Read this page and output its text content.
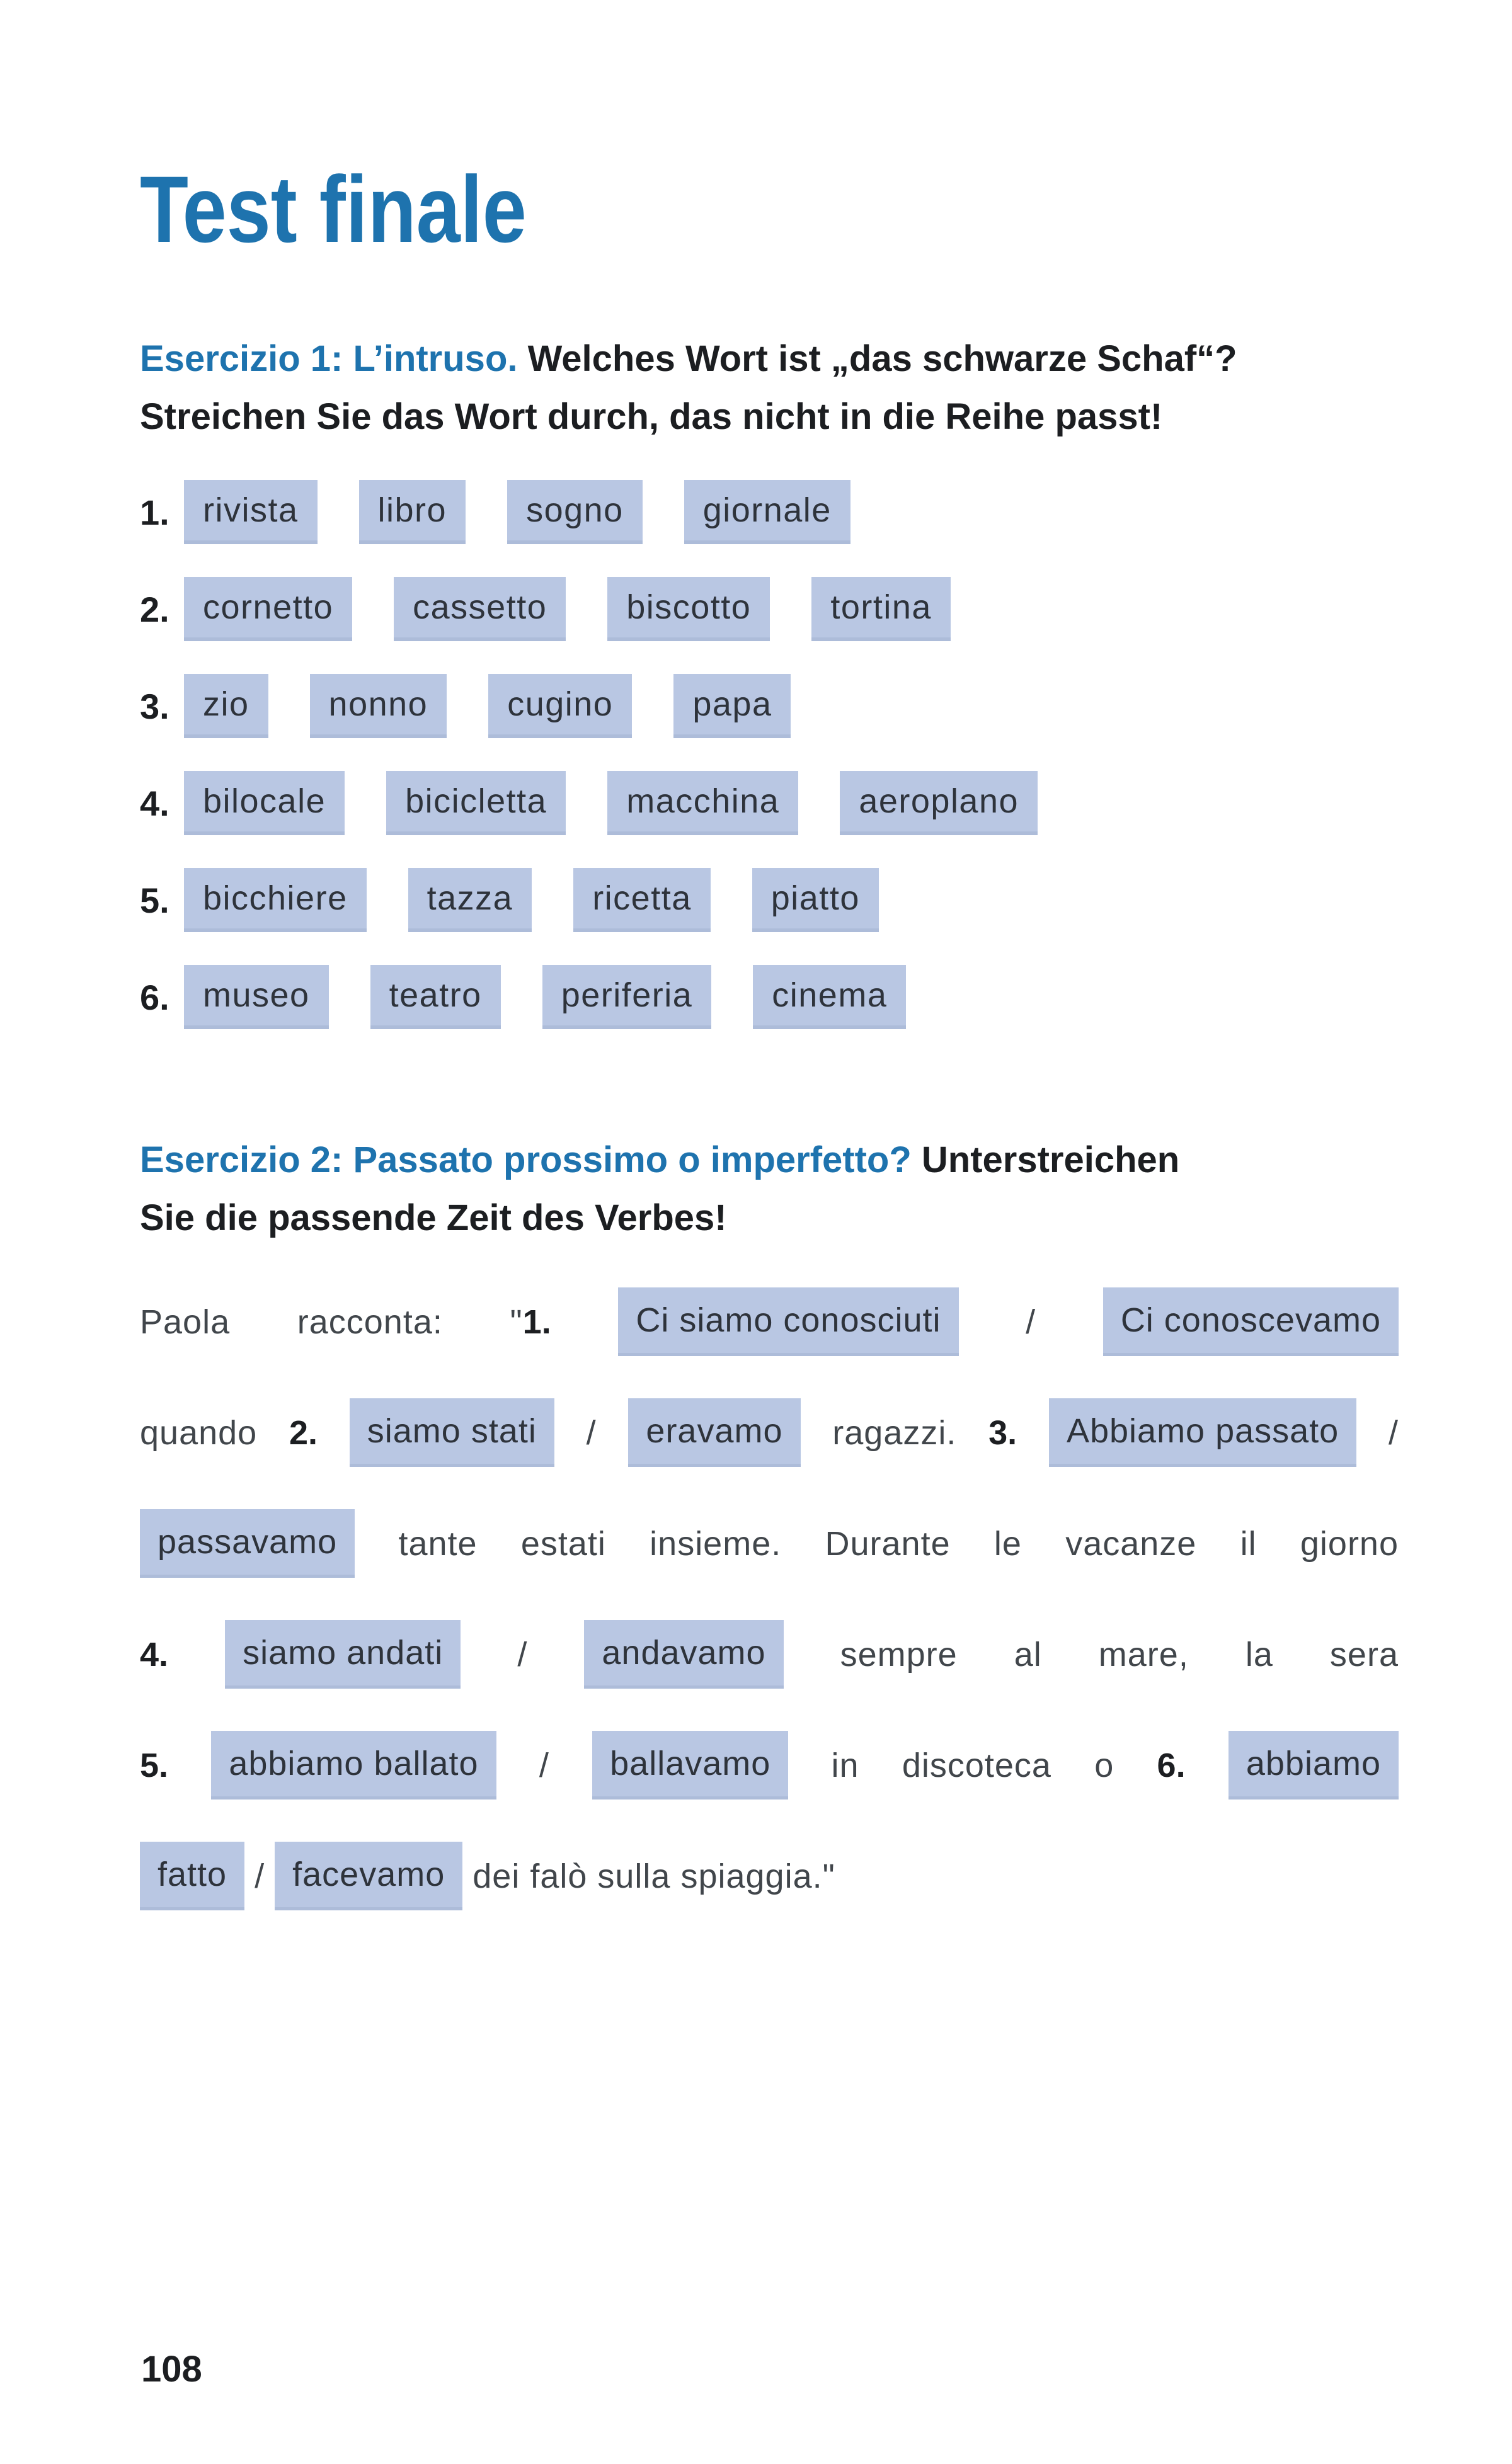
Test finale

Esercizio 1: L’intruso. Welches Wort ist „das schwarze Schaf“?
Streichen Sie das Wort durch, das nicht in die Reihe passt!

1. rivista	libro	sogno	giornale
2. cornetto	cassetto	biscotto	tortina
3. zio	nonno	cugino	papa
4. bilocale	bicicletta	macchina	aeroplano
5. bicchiere	tazza	ricetta	piatto
6. museo	teatro	periferia	cinema

Esercizio 2: Passato prossimo o imperfetto? Unterstreichen
Sie die passende Zeit des Verbes!

Paola racconta: "1. Ci siamo conosciuti / Ci conoscevamo

quando 2. siamo stati / eravamo ragazzi. 3. Abbiamo passato /

passavamo tante estati insieme. Durante le vacanze il giorno

4. siamo andati / andavamo sempre al mare, la sera

5. abbiamo ballato / ballavamo in discoteca o 6. abbiamo

fatto / facevamo dei falò sulla spiaggia."

108
